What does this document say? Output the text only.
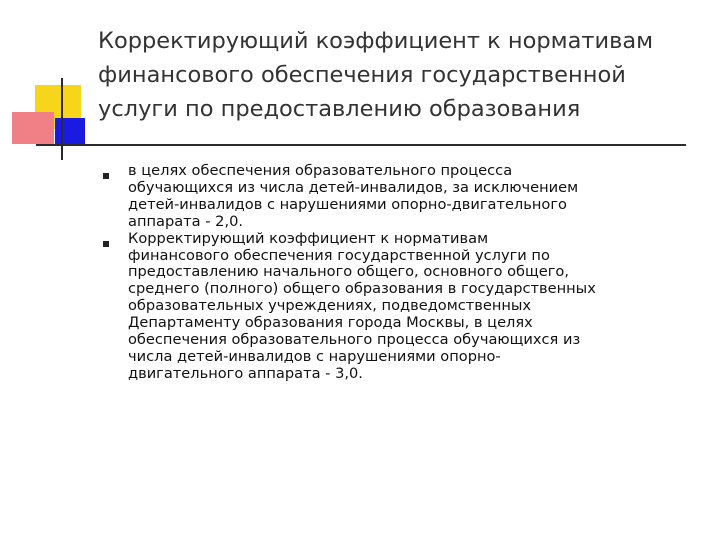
Корректирующий коэффициент к нормативам
финансового обеспечения государственной
услуги по предоставлению образования
в целях обеспечения образовательного процесса
обучающихся из числа детей-инвалидов, за исключением
детей-инвалидов с нарушениями опорно-двигательного
аппарата - 2,0.
Корректирующий коэффициент к нормативам
финансового обеспечения государственной услуги по
предоставлению начального общего, основного общего,
среднего (полного) общего образования в государственных
образовательных учреждениях, подведомственных
Департаменту образования города Москвы, в целях
обеспечения образовательного процесса обучающихся из
числа детей-инвалидов с нарушениями опорно-
двигательного аппарата - 3,0.
